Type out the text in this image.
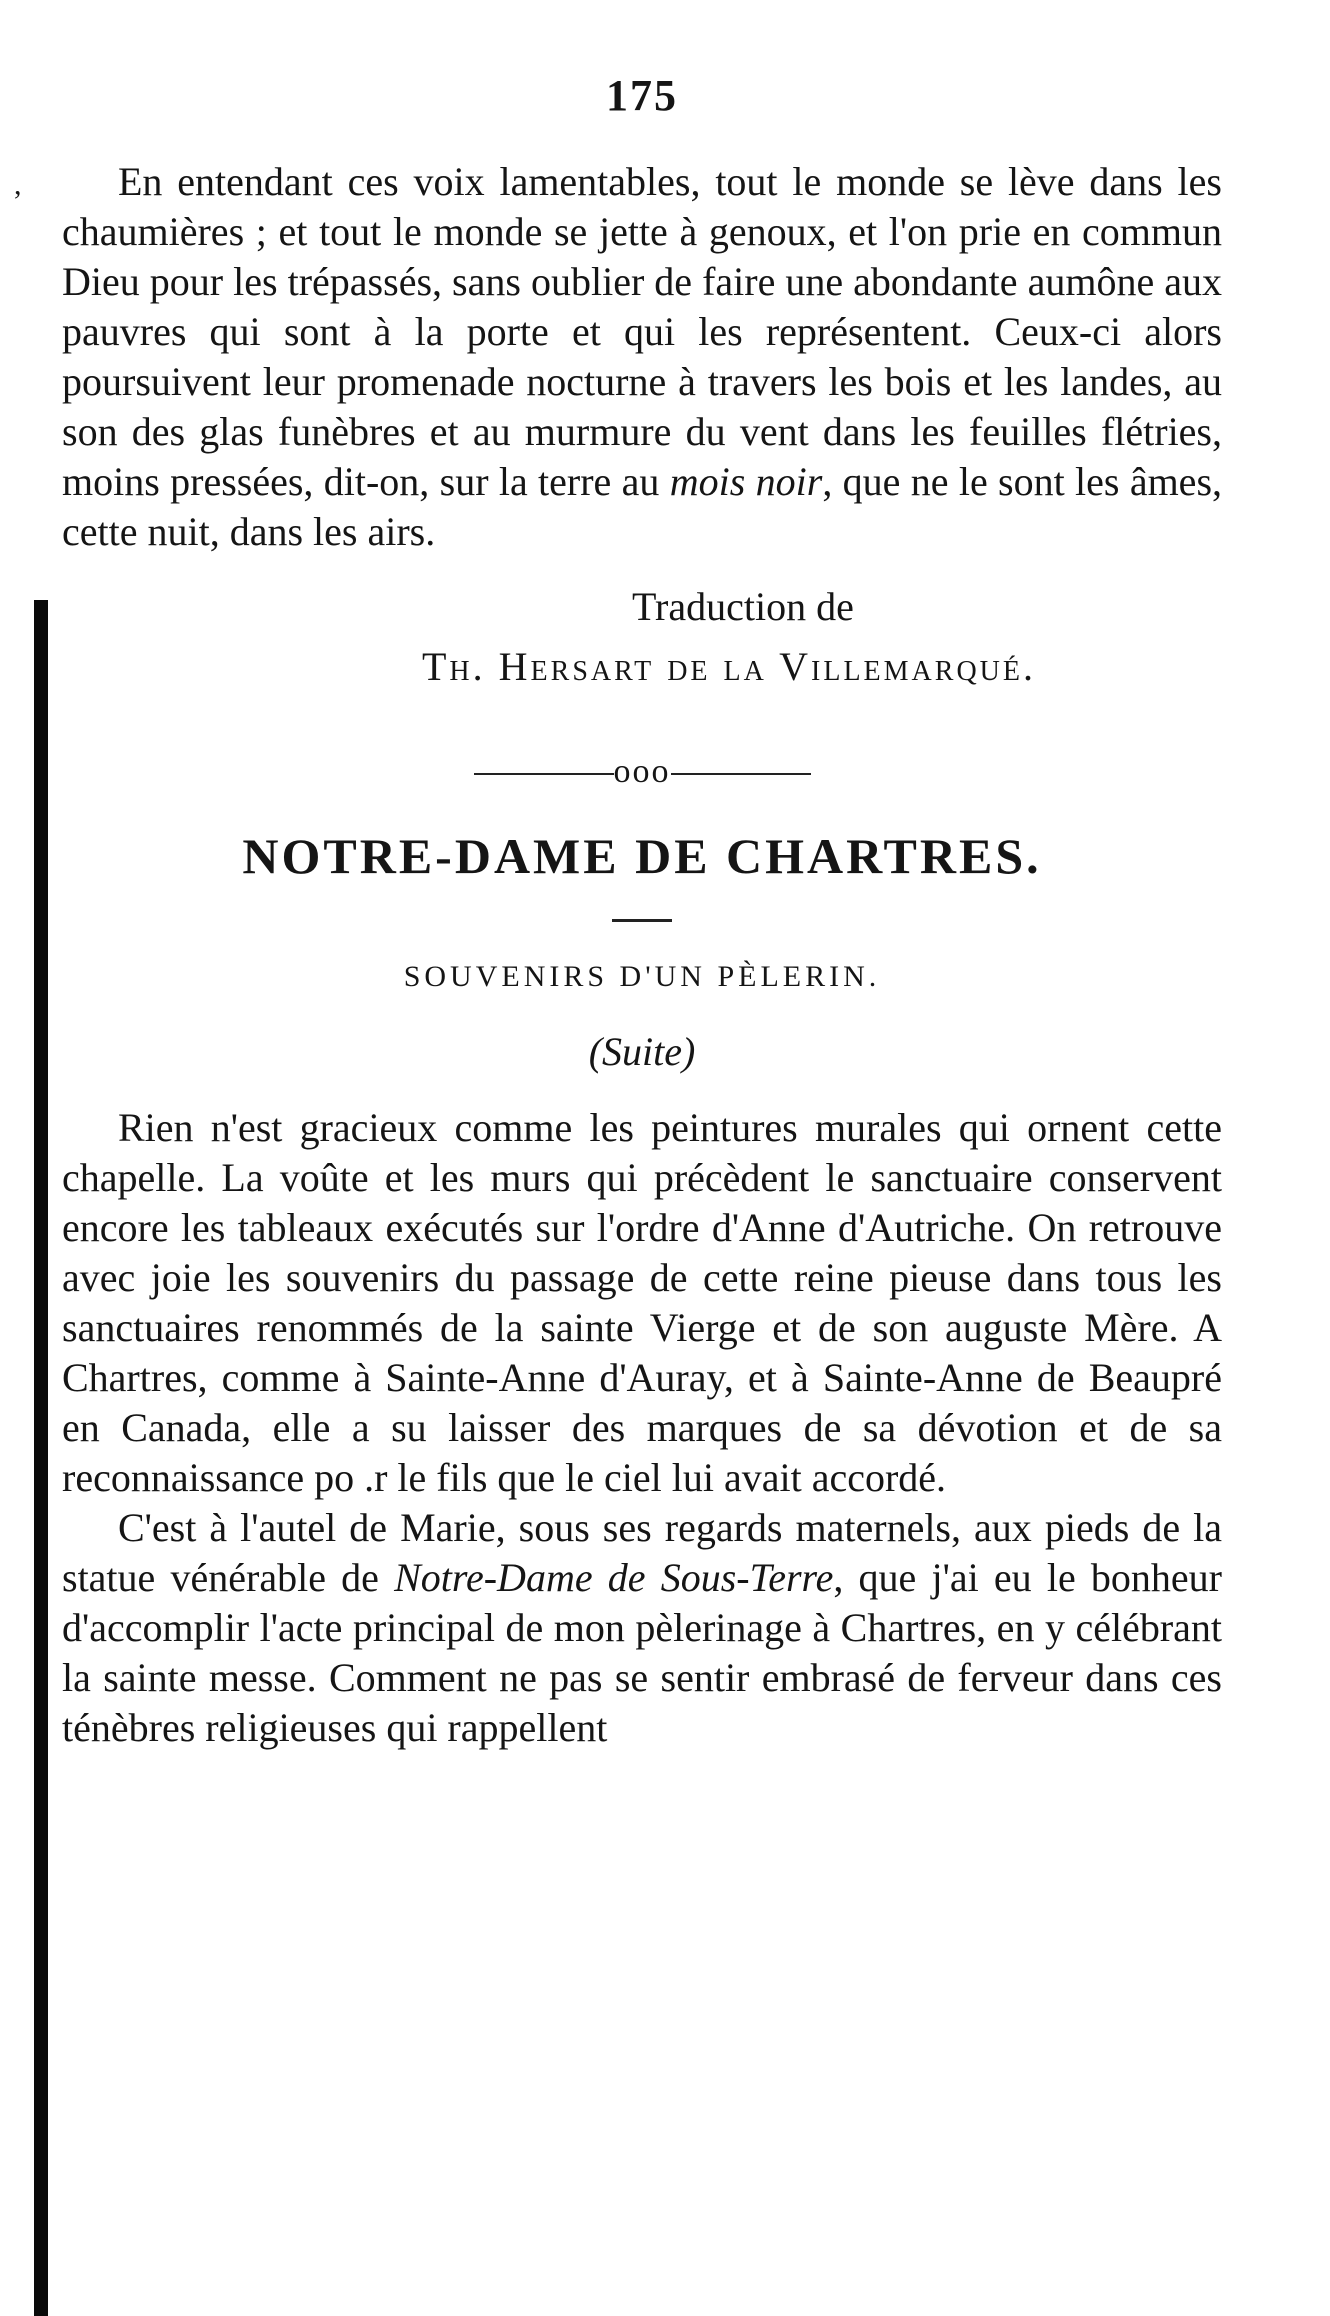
,
175

En entendant ces voix lamentables, tout le monde se lève dans les chaumières ; et tout le monde se jette à genoux, et l'on prie en commun Dieu pour les trépassés, sans oublier de faire une abondante aumône aux pauvres qui sont à la porte et qui les représentent. Ceux-ci alors poursuivent leur promenade nocturne à travers les bois et les landes, au son des glas funèbres et au murmure du vent dans les feuilles flétries, moins pressées, dit-on, sur la terre au mois noir, que ne le sont les âmes, cette nuit, dans les airs.

Traduction de
Th. Hersart de la Villemarqué.
ooo
NOTRE-DAME DE CHARTRES.
SOUVENIRS D'UN PÈLERIN.
(Suite)

Rien n'est gracieux comme les peintures murales qui ornent cette chapelle. La voûte et les murs qui précèdent le sanctuaire conservent encore les tableaux exécutés sur l'ordre d'Anne d'Autriche. On retrouve avec joie les souvenirs du passage de cette reine pieuse dans tous les sanctuaires renommés de la sainte Vierge et de son auguste Mère. A Chartres, comme à Sainte-Anne d'Auray, et à Sainte-Anne de Beaupré en Canada, elle a su laisser des marques de sa dévotion et de sa reconnaissance po .r le fils que le ciel lui avait accordé.

C'est à l'autel de Marie, sous ses regards maternels, aux pieds de la statue vénérable de Notre-Dame de Sous-Terre, que j'ai eu le bonheur d'accomplir l'acte principal de mon pèlerinage à Chartres, en y célébrant la sainte messe. Comment ne pas se sentir embrasé de ferveur dans ces ténèbres religieuses qui rappellent
